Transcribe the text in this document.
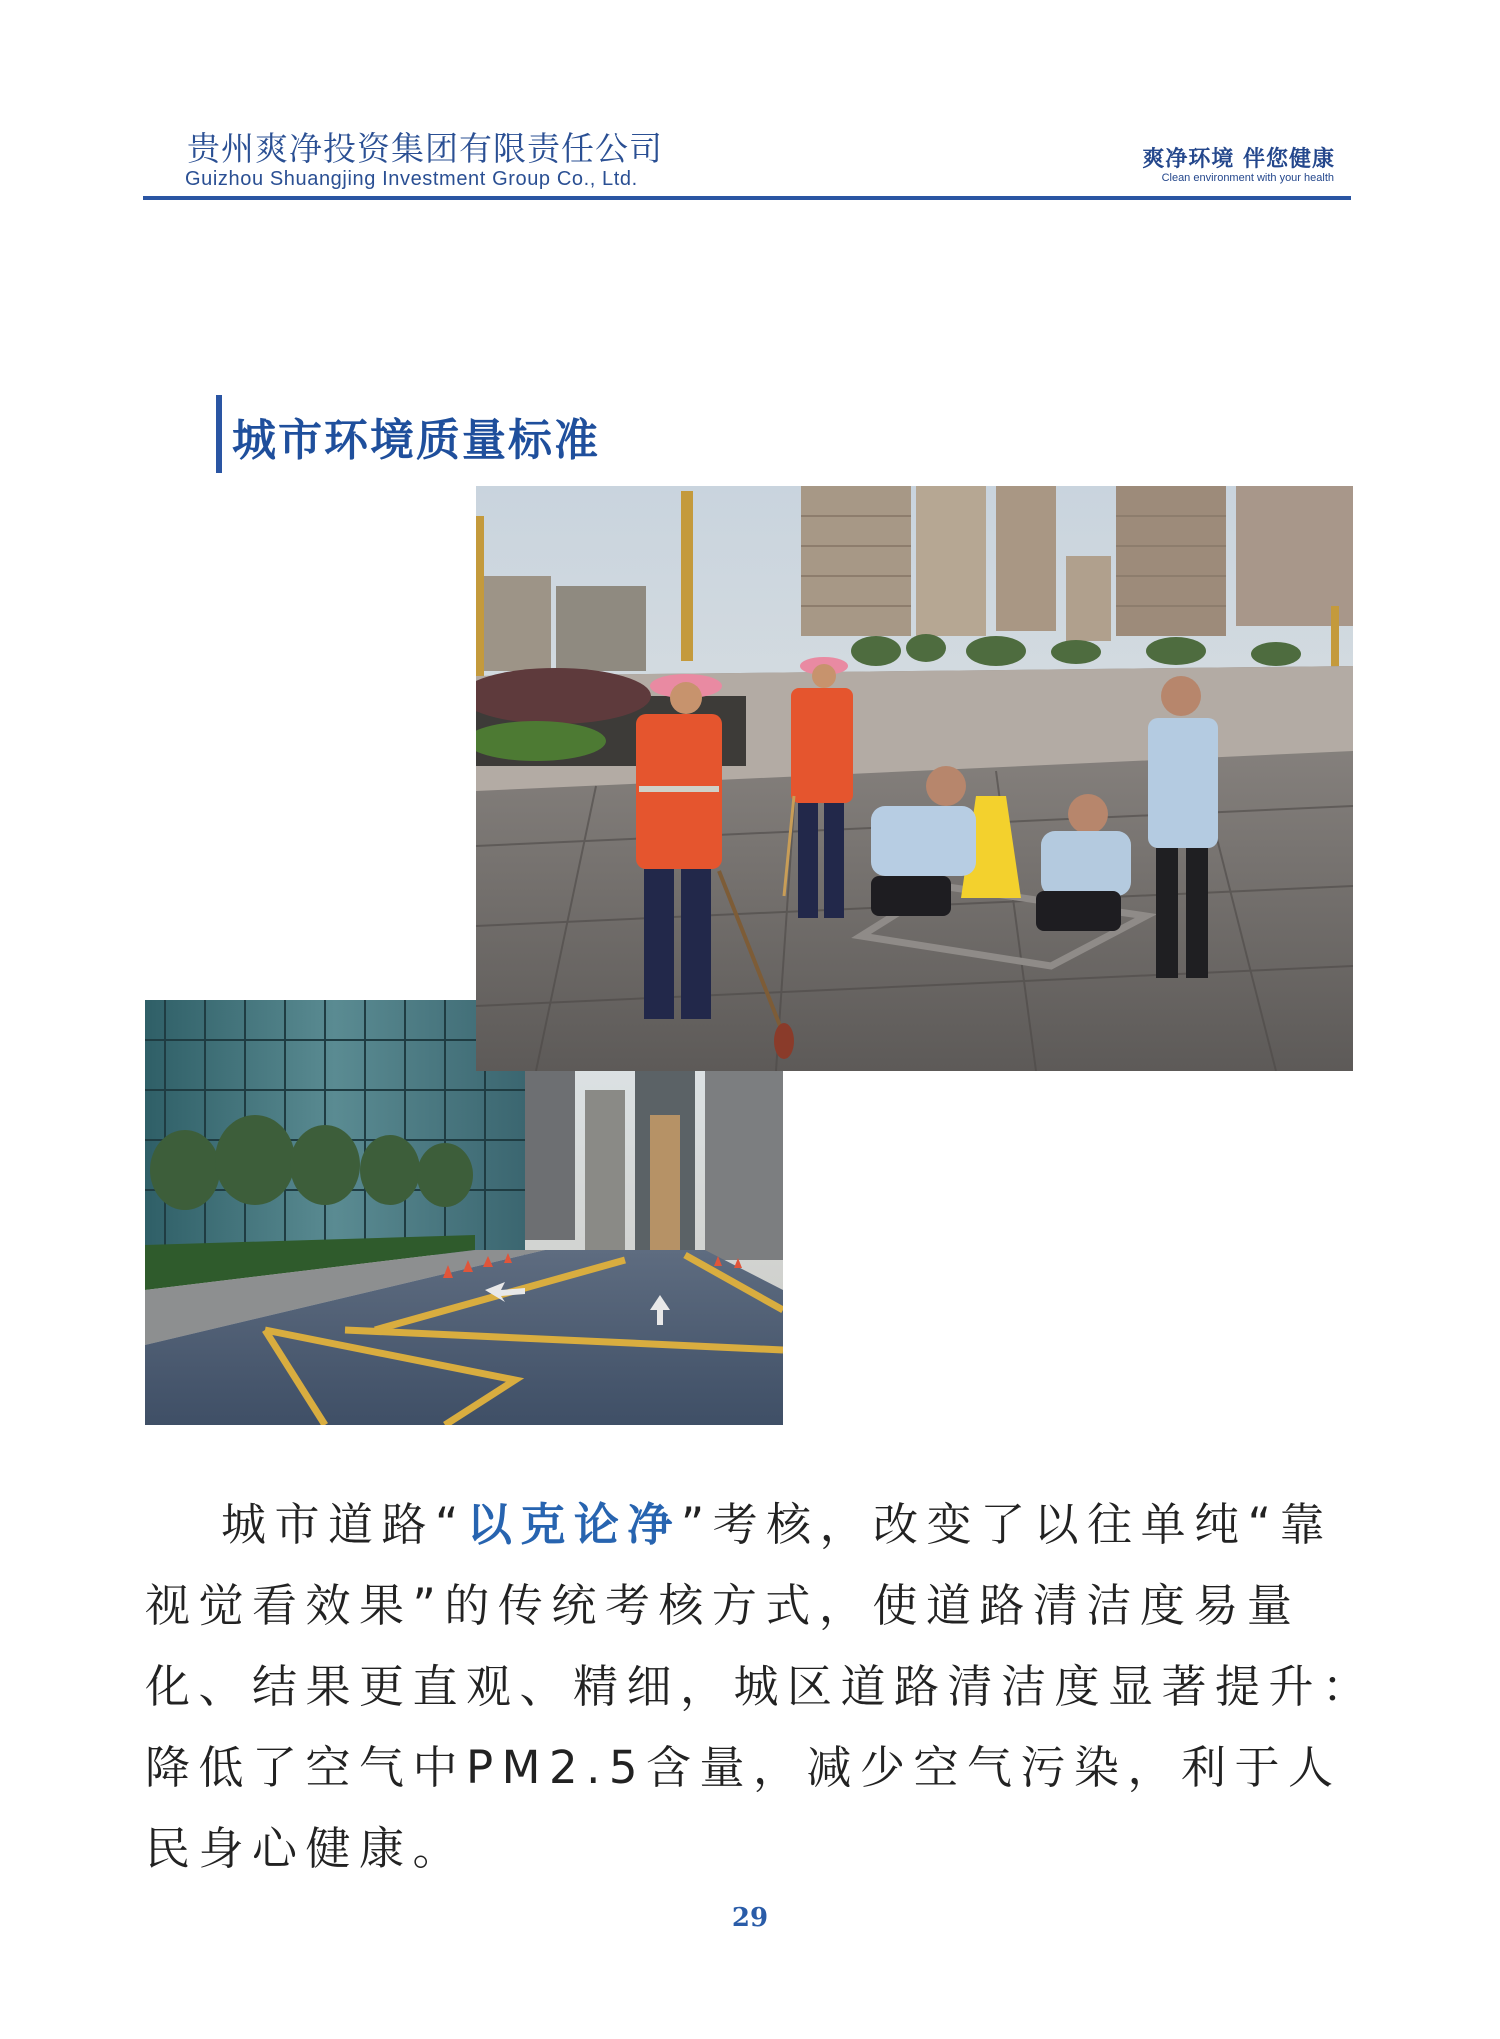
贵州爽净投资集团有限责任公司
Guizhou Shuangjing Investment Group Co., Ltd.
爽净环境 伴您健康
Clean environment with your health
城市环境质量标准
城市道路“以克论净”考核，改变了以往单纯“靠视觉看效果”的传统考核方式，使道路清洁度易量化、结果更直观、精细，城区道路清洁度显著提升：降低了空气中PM2.5含量，减少空气污染，利于人民身心健康。
29
